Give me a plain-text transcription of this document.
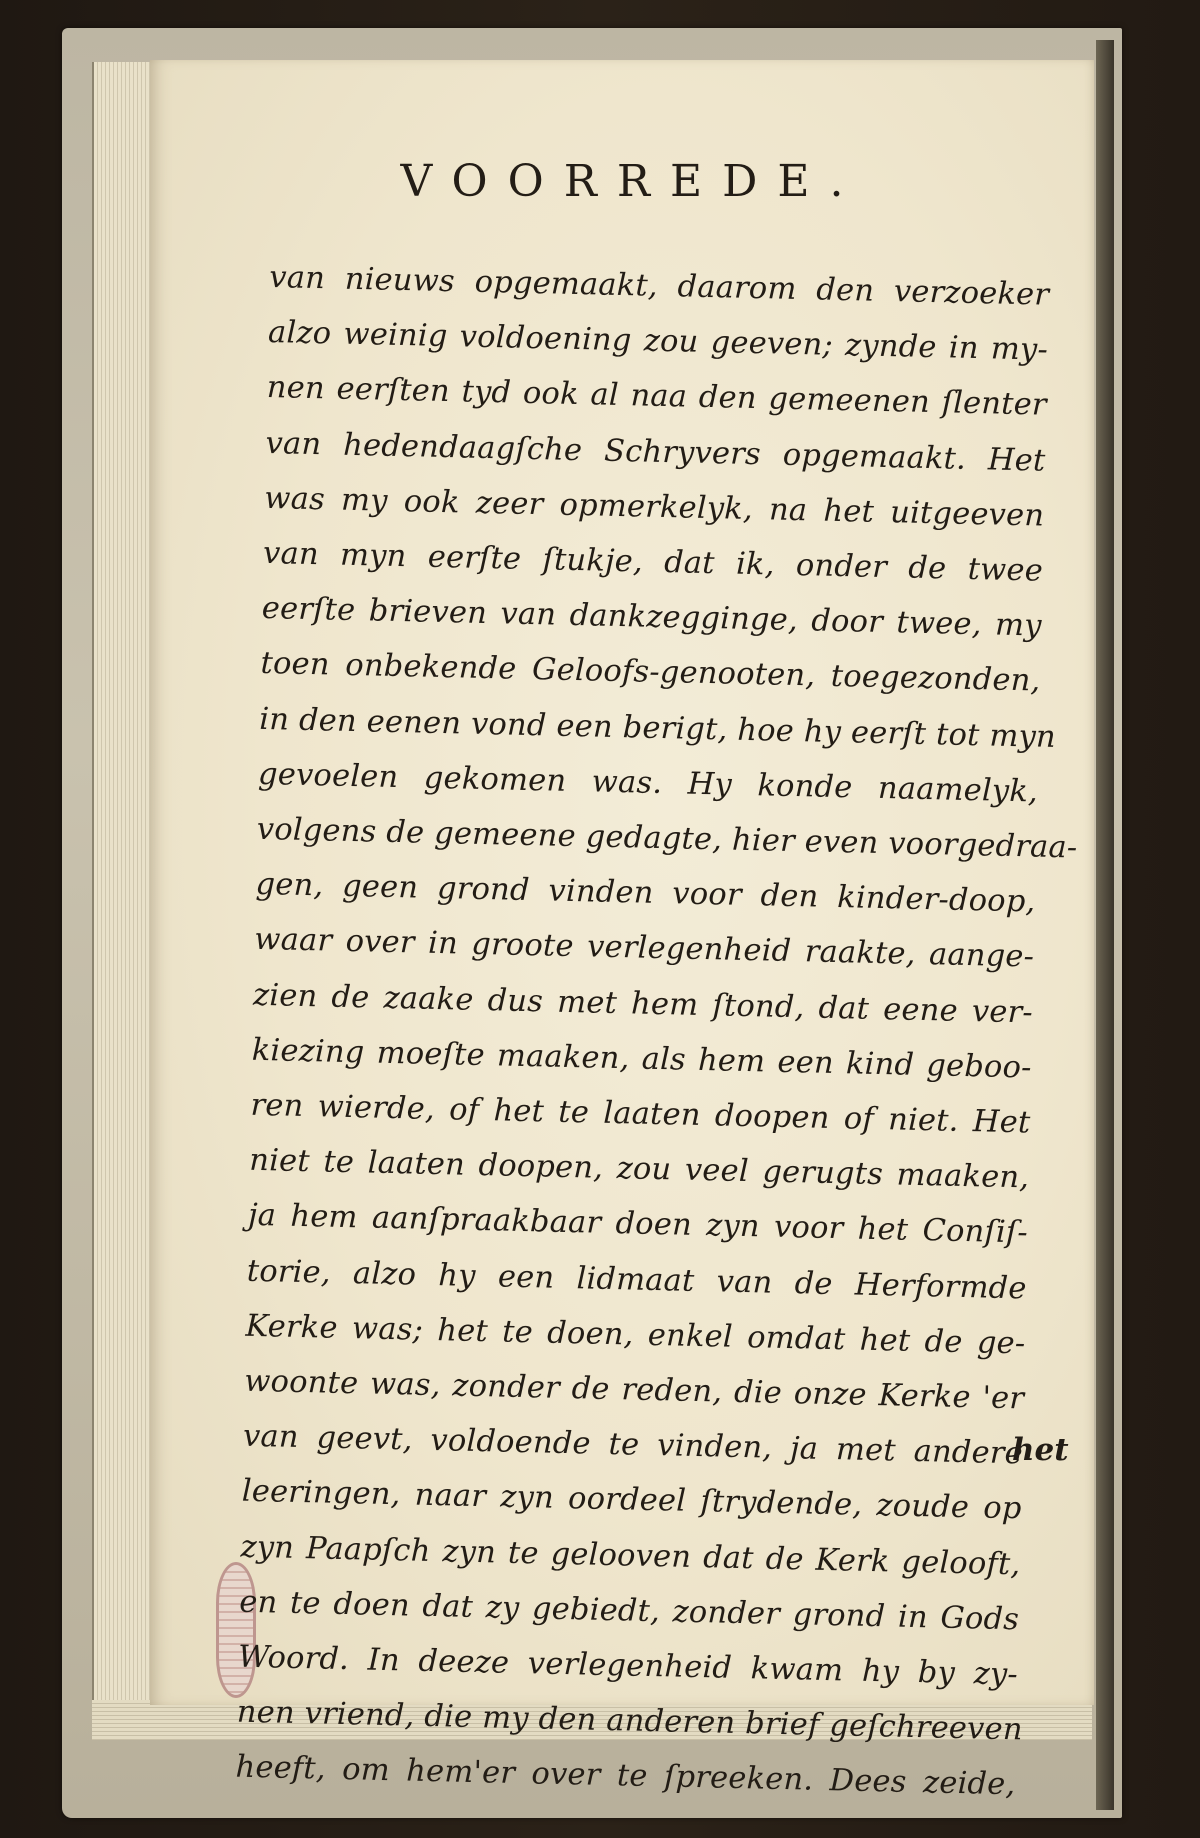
VOORREDE.
van nieuws opgemaakt, daarom den verzoeker
alzo weinig voldoening zou geeven; zynde in my-
nen eerſten tyd ook al naa den gemeenen ſlenter
van hedendaagſche Schryvers opgemaakt. Het
was my ook zeer opmerkelyk, na het uitgeeven
van myn eerſte ſtukje, dat ik, onder de twee
eerſte brieven van dankzegginge, door twee, my
toen onbekende Geloofs-genooten, toegezonden,
in den eenen vond een berigt, hoe hy eerſt tot myn
gevoelen gekomen was. Hy konde naamelyk,
volgens de gemeene gedagte, hier even voorgedraa-
gen, geen grond vinden voor den kinder-doop,
waar over in groote verlegenheid raakte, aange-
zien de zaake dus met hem ſtond, dat eene ver-
kiezing moeſte maaken, als hem een kind geboo-
ren wierde, of het te laaten doopen of niet. Het
niet te laaten doopen, zou veel gerugts maaken,
ja hem aanſpraakbaar doen zyn voor het Conſiſ-
torie, alzo hy een lidmaat van de Herformde
Kerke was; het te doen, enkel omdat het de ge-
woonte was, zonder de reden, die onze Kerke 'er
van geevt, voldoende te vinden, ja met andere
leeringen, naar zyn oordeel ſtrydende, zoude op
zyn Paapſch zyn te gelooven dat de Kerk gelooft,
en te doen dat zy gebiedt, zonder grond in Gods
Woord. In deeze verlegenheid kwam hy by zy-
nen vriend, die my den anderen brief geſchreeven
heeft, om hem'er over te ſpreeken. Dees zeide,
het
